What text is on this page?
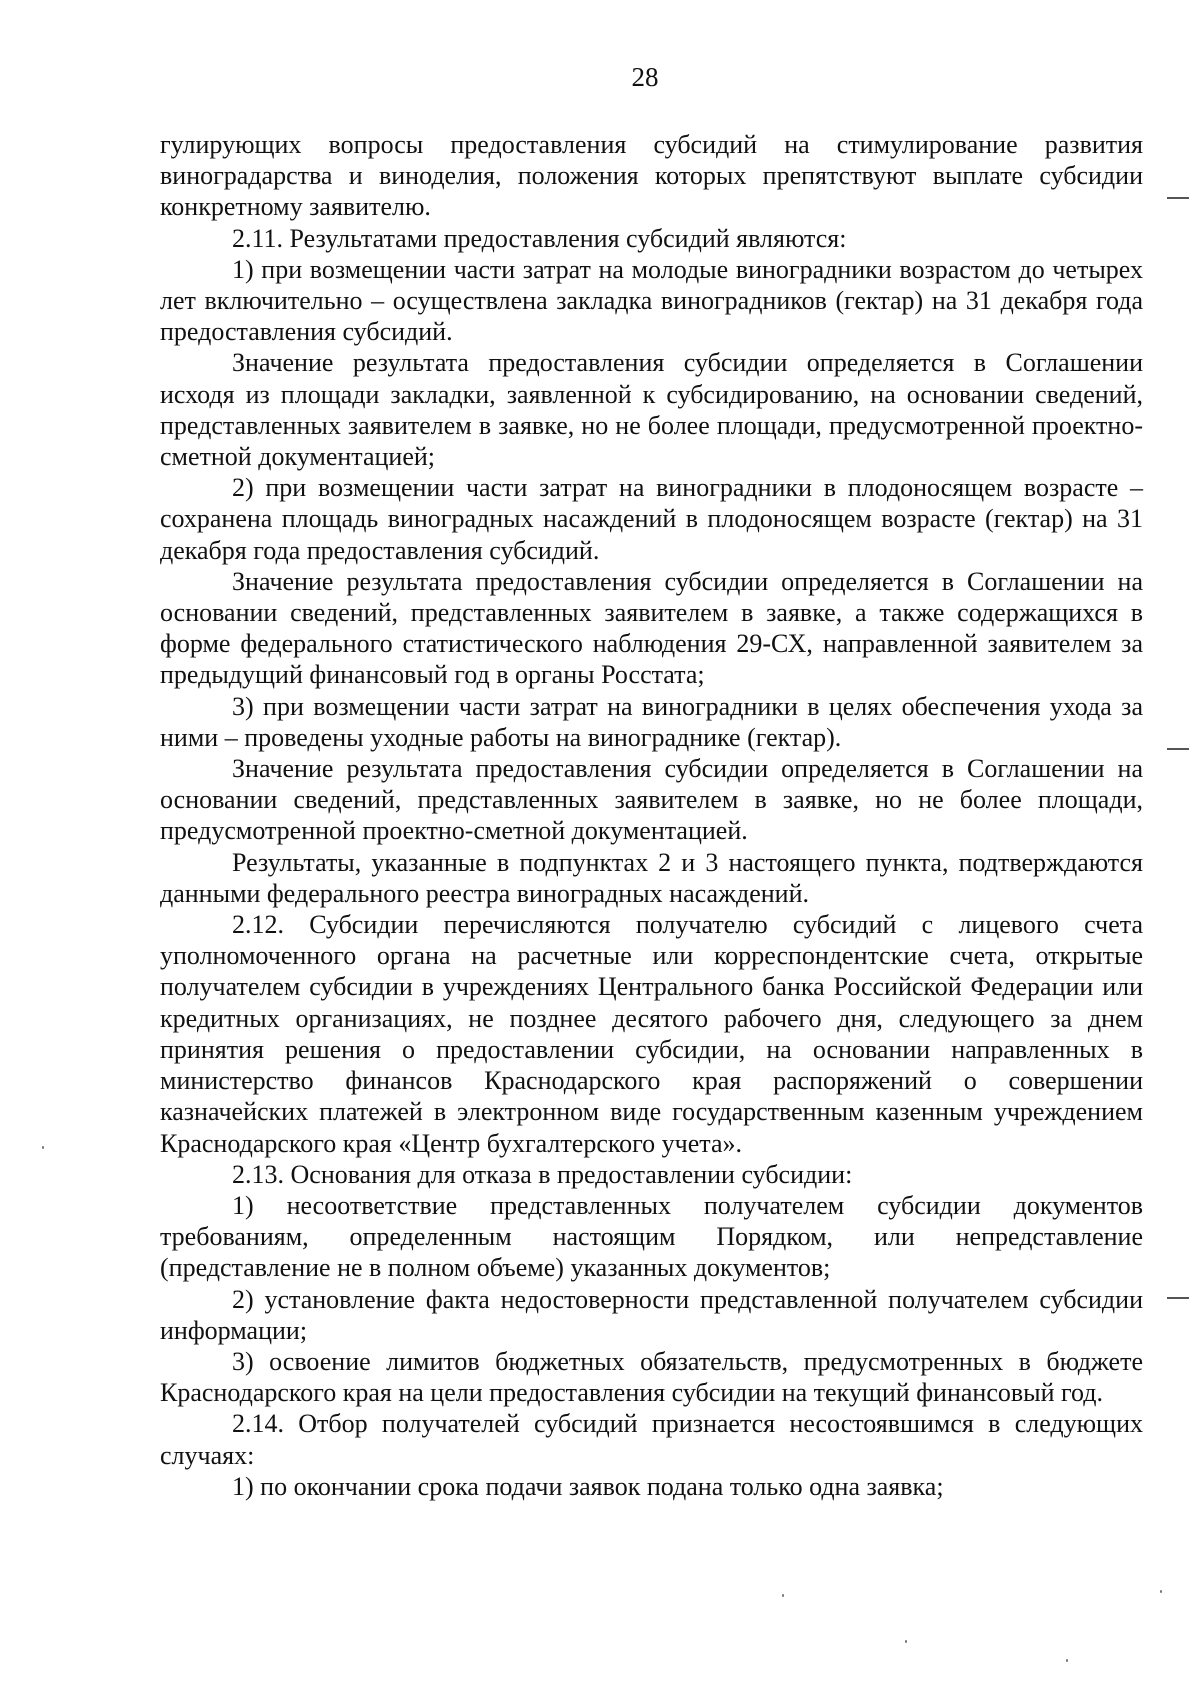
28

гулирующих вопросы предоставления субсидий на стимулирование развития виноградарства и виноделия, положения которых препятствуют выплате субсидии конкретному заявителю.

2.11. Результатами предоставления субсидий являются:

1) при возмещении части затрат на молодые виноградники возрастом до четырех лет включительно – осуществлена закладка виноградников (гектар) на 31 декабря года предоставления субсидий.

Значение результата предоставления субсидии определяется в Соглашении исходя из площади закладки, заявленной к субсидированию, на основании сведений, представленных заявителем в заявке, но не более площади, предусмотренной проектно-сметной документацией;

2) при возмещении части затрат на виноградники в плодоносящем возрасте – сохранена площадь виноградных насаждений в плодоносящем возрасте (гектар) на 31 декабря года предоставления субсидий.

Значение результата предоставления субсидии определяется в Соглашении на основании сведений, представленных заявителем в заявке, а также содержащихся в форме федерального статистического наблюдения 29-СХ, направленной заявителем за предыдущий финансовый год в органы Росстата;

3) при возмещении части затрат на виноградники в целях обеспечения ухода за ними – проведены уходные работы на винограднике (гектар).

Значение результата предоставления субсидии определяется в Соглашении на основании сведений, представленных заявителем в заявке, но не более площади, предусмотренной проектно-сметной документацией.

Результаты, указанные в подпунктах 2 и 3 настоящего пункта, подтверждаются данными федерального реестра виноградных насаждений.

2.12. Субсидии перечисляются получателю субсидий с лицевого счета уполномоченного органа на расчетные или корреспондентские счета, открытые получателем субсидии в учреждениях Центрального банка Российской Федерации или кредитных организациях, не позднее десятого рабочего дня, следующего за днем принятия решения о предоставлении субсидии, на основании направленных в министерство финансов Краснодарского края распоряжений о совершении казначейских платежей в электронном виде государственным казенным учреждением Краснодарского края «Центр бухгалтерского учета».

2.13. Основания для отказа в предоставлении субсидии:

1) несоответствие представленных получателем субсидии документов требованиям, определенным настоящим Порядком, или непредставление (представление не в полном объеме) указанных документов;

2) установление факта недостоверности представленной получателем субсидии информации;

3) освоение лимитов бюджетных обязательств, предусмотренных в бюджете Краснодарского края на цели предоставления субсидии на текущий финансовый год.

2.14. Отбор получателей субсидий признается несостоявшимся в следующих случаях:

1) по окончании срока подачи заявок подана только одна заявка;
